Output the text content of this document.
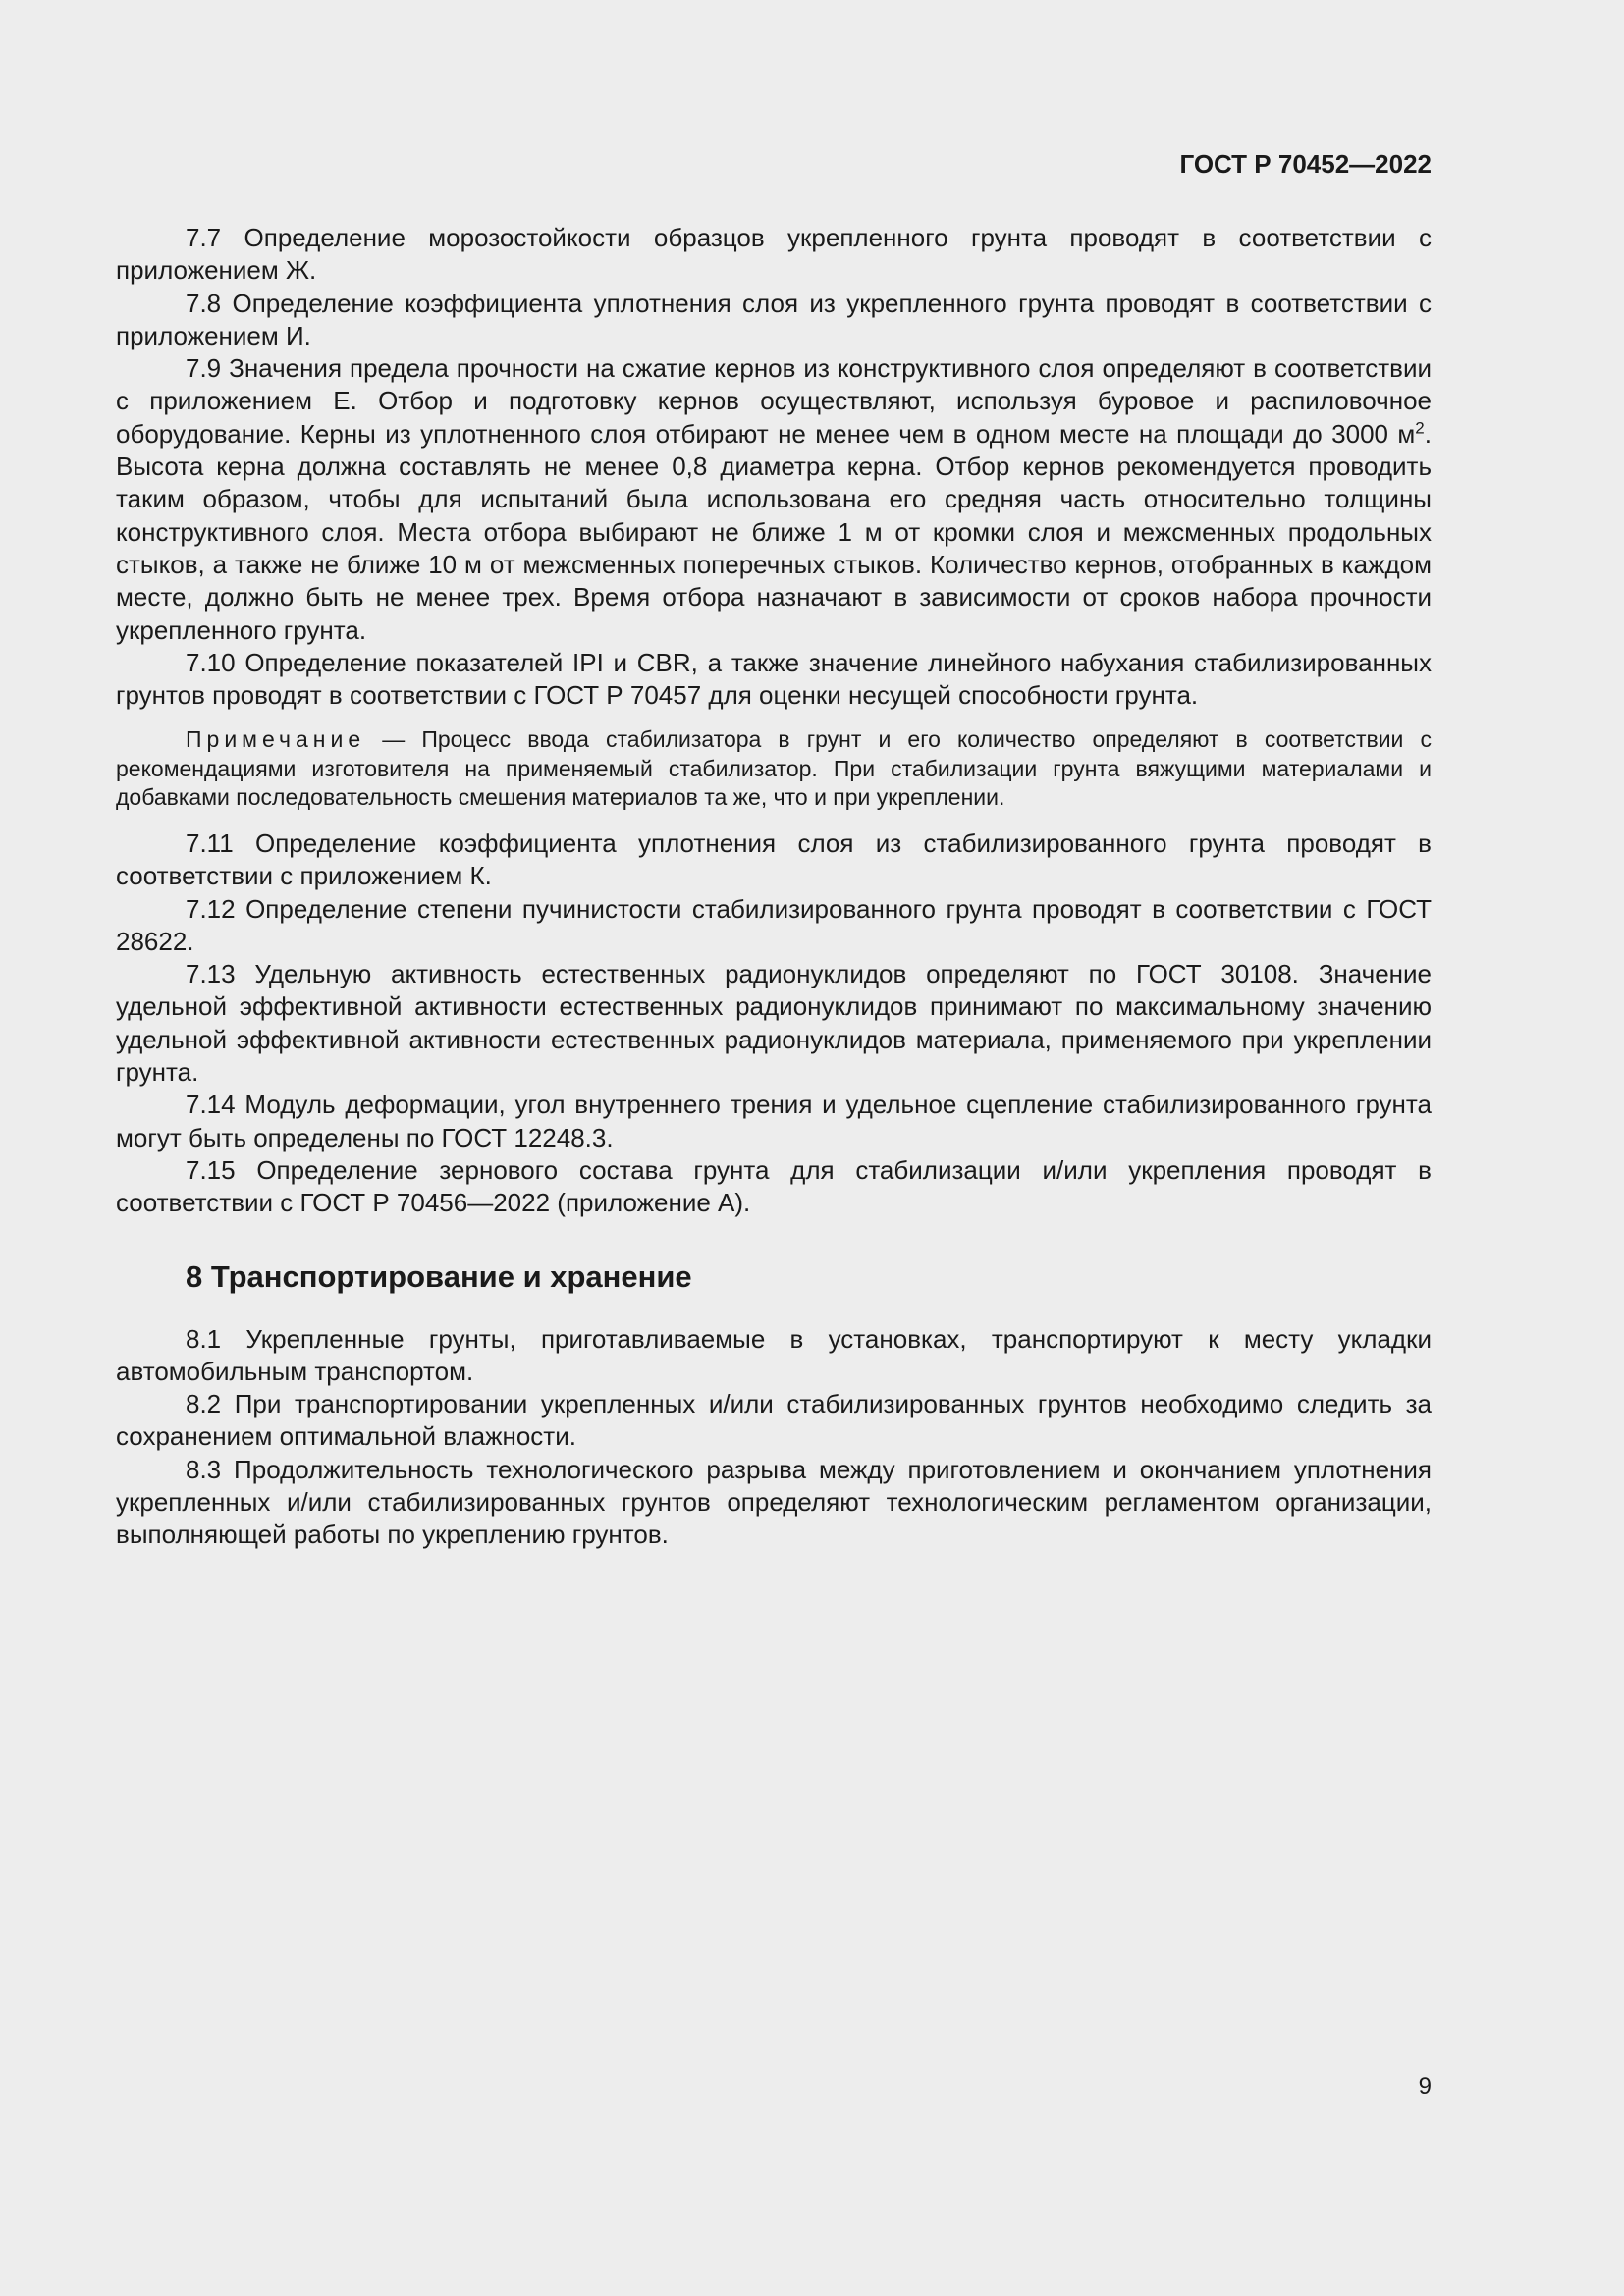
ГОСТ Р 70452—2022

7.7 Определение морозостойкости образцов укрепленного грунта проводят в соответствии с приложением Ж.

7.8 Определение коэффициента уплотнения слоя из укрепленного грунта проводят в соответствии с приложением И.

7.9 Значения предела прочности на сжатие кернов из конструктивного слоя определяют в соответствии с приложением Е. Отбор и подготовку кернов осуществляют, используя буровое и распиловочное оборудование. Керны из уплотненного слоя отбирают не менее чем в одном месте на площади до 3000 $м^2$. Высота керна должна составлять не менее 0,8 диаметра керна. Отбор кернов рекомендуется проводить таким образом, чтобы для испытаний была использована его средняя часть относительно толщины конструктивного слоя. Места отбора выбирают не ближе 1 м от кромки слоя и межсменных продольных стыков, а также не ближе 10 м от межсменных поперечных стыков. Количество кернов, отобранных в каждом месте, должно быть не менее трех. Время отбора назначают в зависимости от сроков набора прочности укрепленного грунта.

7.10 Определение показателей IPI и CBR, а также значение линейного набухания стабилизированных грунтов проводят в соответствии с ГОСТ Р 70457 для оценки несущей способности грунта.

Примечание — Процесс ввода стабилизатора в грунт и его количество определяют в соответствии с рекомендациями изготовителя на применяемый стабилизатор. При стабилизации грунта вяжущими материалами и добавками последовательность смешения материалов та же, что и при укреплении.

7.11 Определение коэффициента уплотнения слоя из стабилизированного грунта проводят в соответствии с приложением К.

7.12 Определение степени пучинистости стабилизированного грунта проводят в соответствии с ГОСТ 28622.

7.13 Удельную активность естественных радионуклидов определяют по ГОСТ 30108. Значение удельной эффективной активности естественных радионуклидов принимают по максимальному значению удельной эффективной активности естественных радионуклидов материала, применяемого при укреплении грунта.

7.14 Модуль деформации, угол внутреннего трения и удельное сцепление стабилизированного грунта могут быть определены по ГОСТ 12248.3.

7.15 Определение зернового состава грунта для стабилизации и/или укрепления проводят в соответствии с ГОСТ Р 70456—2022 (приложение А).

8 Транспортирование и хранение

8.1 Укрепленные грунты, приготавливаемые в установках, транспортируют к месту укладки автомобильным транспортом.

8.2 При транспортировании укрепленных и/или стабилизированных грунтов необходимо следить за сохранением оптимальной влажности.

8.3 Продолжительность технологического разрыва между приготовлением и окончанием уплотнения укрепленных и/или стабилизированных грунтов определяют технологическим регламентом организации, выполняющей работы по укреплению грунтов.

9
